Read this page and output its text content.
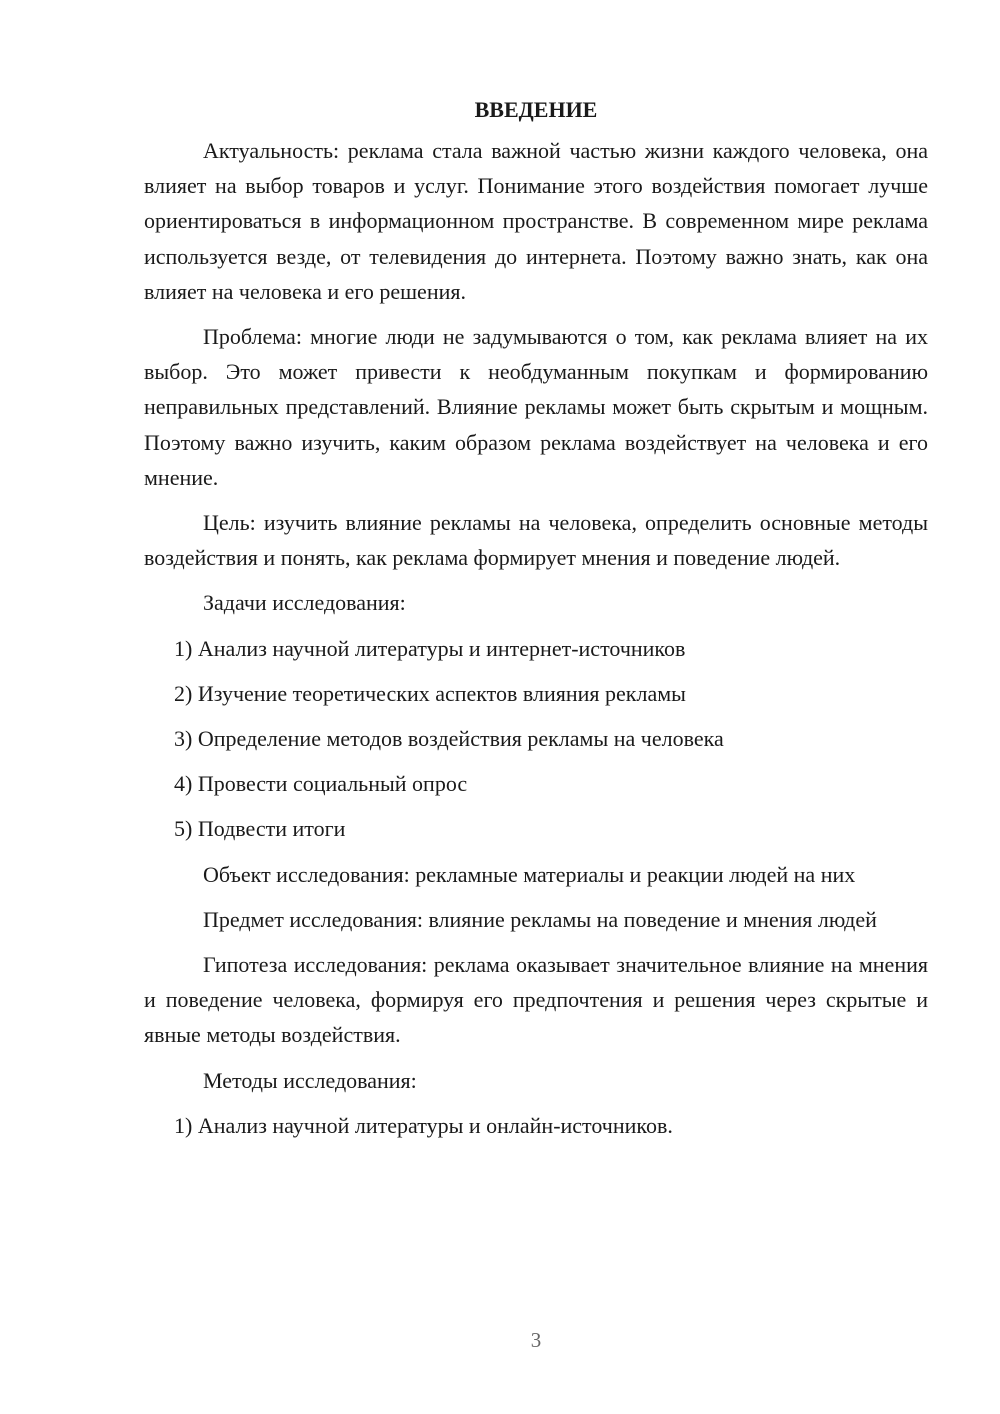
ВВЕДЕНИЕ

Актуальность: реклама стала важной частью жизни каждого человека, она влияет на выбор товаров и услуг. Понимание этого воздействия помогает лучше ориентироваться в информационном пространстве. В современном мире реклама используется везде, от телевидения до интернета. Поэтому важно знать, как она влияет на человека и его решения.

Проблема: многие люди не задумываются о том, как реклама влияет на их выбор. Это может привести к необдуманным покупкам и формированию неправильных представлений. Влияние рекламы может быть скрытым и мощным. Поэтому важно изучить, каким образом реклама воздействует на человека и его мнение.

Цель: изучить влияние рекламы на человека, определить основные методы воздействия и понять, как реклама формирует мнения и поведение людей.

Задачи исследования:

1) Анализ научной литературы и интернет-источников

2) Изучение теоретических аспектов влияния рекламы

3) Определение методов воздействия рекламы на человека

4) Провести социальный опрос

5) Подвести итоги

Объект исследования: рекламные материалы и реакции людей на них

Предмет исследования: влияние рекламы на поведение и мнения людей

Гипотеза исследования: реклама оказывает значительное влияние на мнения и поведение человека, формируя его предпочтения и решения через скрытые и явные методы воздействия.

Методы исследования:

1) Анализ научной литературы и онлайн-источников.

3
